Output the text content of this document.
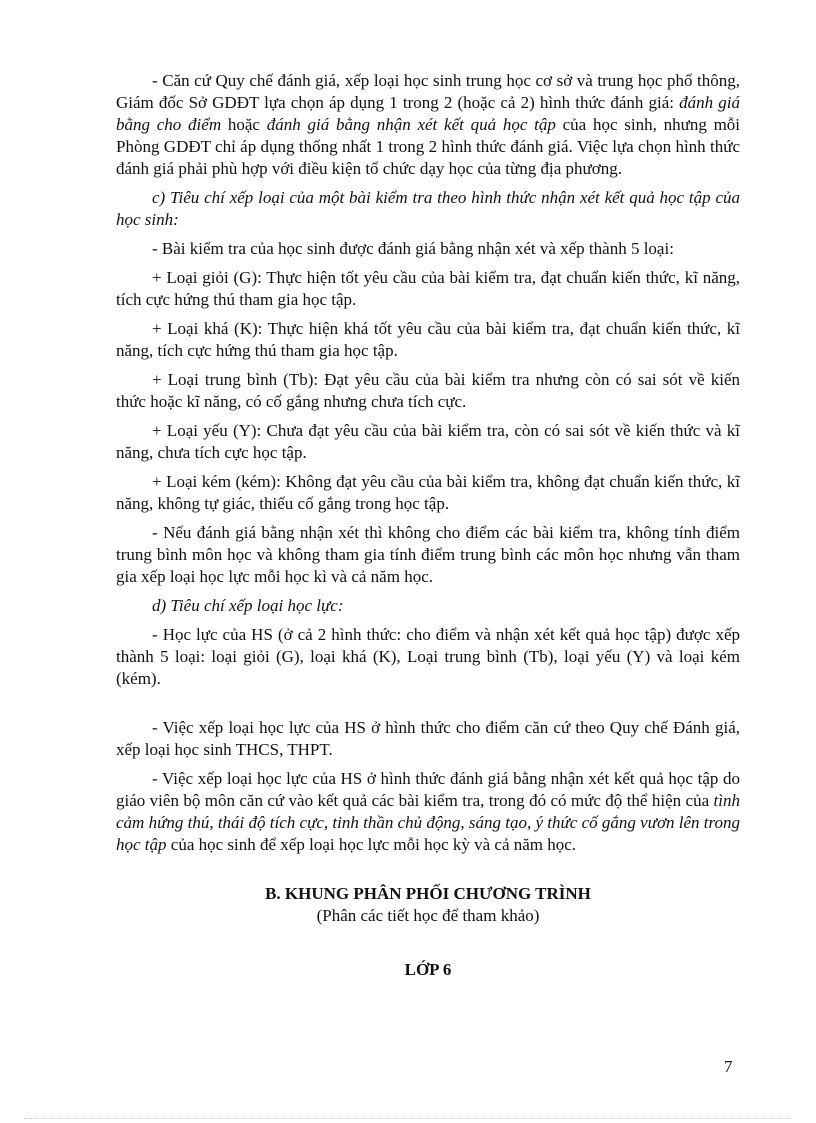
- Căn cứ Quy chế đánh giá, xếp loại học sinh trung học cơ sở và trung học phổ thông, Giám đốc Sở GDĐT lựa chọn áp dụng 1 trong 2 (hoặc cả 2) hình thức đánh giá: đánh giá bằng cho điểm hoặc đánh giá bằng nhận xét kết quả học tập của học sinh, nhưng mỗi Phòng GDĐT chỉ áp dụng thống nhất 1 trong 2 hình thức đánh giá. Việc lựa chọn hình thức đánh giá phải phù hợp với điều kiện tổ chức dạy học của từng địa phương.

c) Tiêu chí xếp loại của một bài kiểm tra theo hình thức nhận xét kết quả học tập của học sinh:

- Bài kiểm tra của học sinh được đánh giá bằng nhận xét và xếp thành 5 loại:

+ Loại giỏi (G): Thực hiện tốt yêu cầu của bài kiểm tra, đạt chuẩn kiến thức, kĩ năng, tích cực hứng thú tham gia học tập.

+ Loại khá (K): Thực hiện khá tốt yêu cầu của bài kiểm tra, đạt chuẩn kiến thức, kĩ năng, tích cực hứng thú tham gia học tập.

+ Loại trung bình (Tb): Đạt yêu cầu của bài kiểm tra nhưng còn có sai sót về kiến thức hoặc kĩ năng, có cố gắng nhưng chưa tích cực.

+ Loại yếu (Y): Chưa đạt yêu cầu của bài kiểm tra, còn có sai sót về kiến thức và kĩ năng, chưa tích cực học tập.

+ Loại kém (kém): Không đạt yêu cầu của bài kiểm tra, không đạt chuẩn kiến thức, kĩ năng, không tự giác, thiếu cố gắng trong học tập.

- Nếu đánh giá bằng nhận xét thì không cho điểm các bài kiểm tra, không tính điểm trung bình môn học và không tham gia tính điểm trung bình các môn học nhưng vẫn tham gia xếp loại học lực mỗi học kì và cả năm học.

d) Tiêu chí xếp loại học lực:

- Học lực của HS (ở cả 2 hình thức: cho điểm và nhận xét kết quả học tập) được xếp thành 5 loại: loại giỏi (G), loại khá (K), Loại trung bình (Tb), loại yếu (Y) và loại kém (kém).

- Việc xếp loại học lực của HS ở hình thức cho điểm căn cứ theo Quy chế Đánh giá, xếp loại học sinh THCS, THPT.

- Việc xếp loại học lực của HS ở hình thức đánh giá bằng nhận xét kết quả học tập do giáo viên bộ môn căn cứ vào kết quả các bài kiểm tra, trong đó có mức độ thể hiện của tình cảm hứng thú, thái độ tích cực, tinh thần chủ động, sáng tạo, ý thức cố gắng vươn lên trong học tập của học sinh để xếp loại học lực mỗi học kỳ và cả năm học.

B. KHUNG PHÂN PHỐI CHƯƠNG TRÌNH

(Phân các tiết học để tham khảo)

LỚP 6

7
